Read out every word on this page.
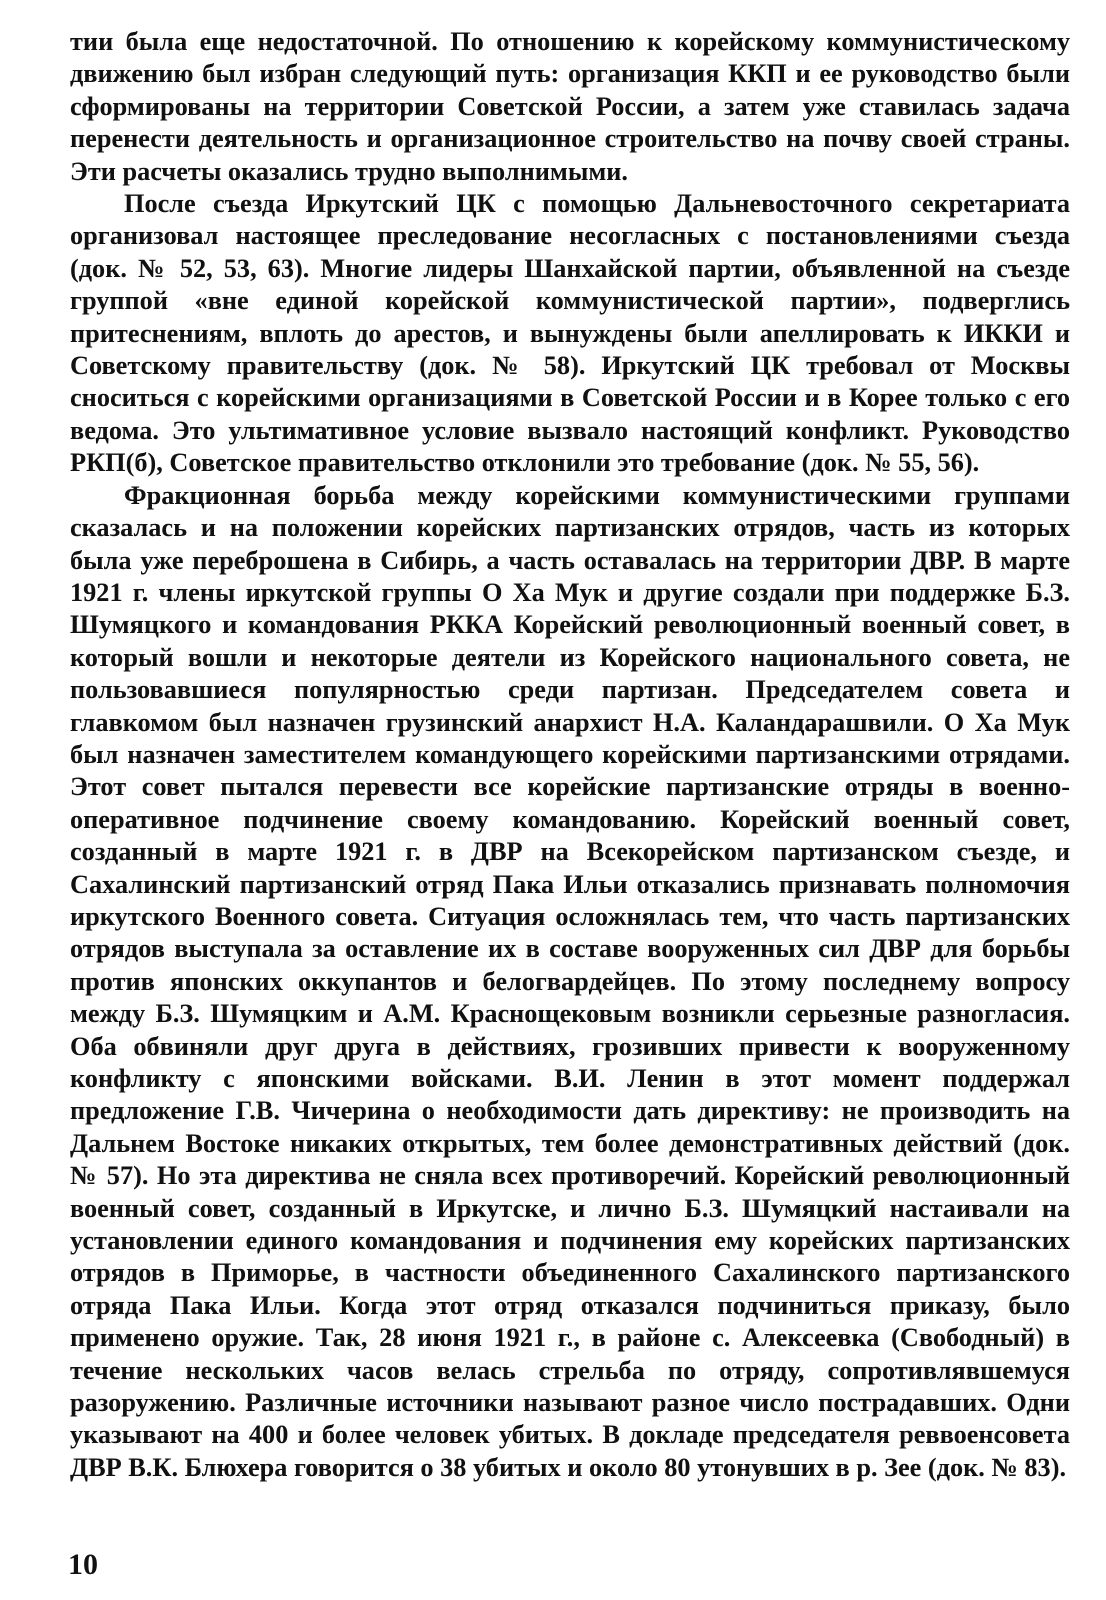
тии была еще недостаточной. По отношению к корейскому коммунистическому движению был избран следующий путь: организация ККП и ее руководство были сформированы на территории Советской России, а затем уже ставилась задача перенести деятельность и организационное строительство на почву своей страны. Эти расчеты оказались трудно выполнимыми.

После съезда Иркутский ЦК с помощью Дальневосточного секретариата организовал настоящее преследование несогласных с постановлениями съезда (док. № 52, 53, 63). Многие лидеры Шанхайской партии, объявленной на съезде группой «вне единой корейской коммунистической партии», подверглись притеснениям, вплоть до арестов, и вынуждены были апеллировать к ИККИ и Советскому правительству (док. № 58). Иркутский ЦК требовал от Москвы сноситься с корейскими организациями в Советской России и в Корее только с его ведома. Это ультимативное условие вызвало настоящий конфликт. Руководство РКП(б), Советское правительство отклонили это требование (док. № 55, 56).

Фракционная борьба между корейскими коммунистическими группами сказалась и на положении корейских партизанских отрядов, часть из которых была уже переброшена в Сибирь, а часть оставалась на территории ДВР. В марте 1921 г. члены иркутской группы О Ха Мук и другие создали при поддержке Б.З. Шумяцкого и командования РККА Корейский революционный военный совет, в который вошли и некоторые деятели из Корейского национального совета, не пользовавшиеся популярностью среди партизан. Председателем совета и главкомом был назначен грузинский анархист Н.А. Каландарашвили. О Ха Мук был назначен заместителем командующего корейскими партизанскими отрядами. Этот совет пытался перевести все корейские партизанские отряды в военно-оперативное подчинение своему командованию. Корейский военный совет, созданный в марте 1921 г. в ДВР на Всекорейском партизанском съезде, и Сахалинский партизанский отряд Пака Ильи отказались признавать полномочия иркутского Военного совета. Ситуация осложнялась тем, что часть партизанских отрядов выступала за оставление их в составе вооруженных сил ДВР для борьбы против японских оккупантов и белогвардейцев. По этому последнему вопросу между Б.З. Шумяцким и А.М. Краснощековым возникли серьезные разногласия. Оба обвиняли друг друга в действиях, грозивших привести к вооруженному конфликту с японскими войсками. В.И. Ленин в этот момент поддержал предложение Г.В. Чичерина о необходимости дать директиву: не производить на Дальнем Востоке никаких открытых, тем более демонстративных действий (док. № 57). Но эта директива не сняла всех противоречий. Корейский революционный военный совет, созданный в Иркутске, и лично Б.З. Шумяцкий настаивали на установлении единого командования и подчинения ему корейских партизанских отрядов в Приморье, в частности объединенного Сахалинского партизанского отряда Пака Ильи. Когда этот отряд отказался подчиниться приказу, было применено оружие. Так, 28 июня 1921 г., в районе с. Алексеевка (Свободный) в течение нескольких часов велась стрельба по отряду, сопротивлявшемуся разоружению. Различные источники называют разное число пострадавших. Одни указывают на 400 и более человек убитых. В докладе председателя реввоенсовета ДВР В.К. Блюхера говорится о 38 убитых и около 80 утонувших в р. Зее (док. № 83).

10
